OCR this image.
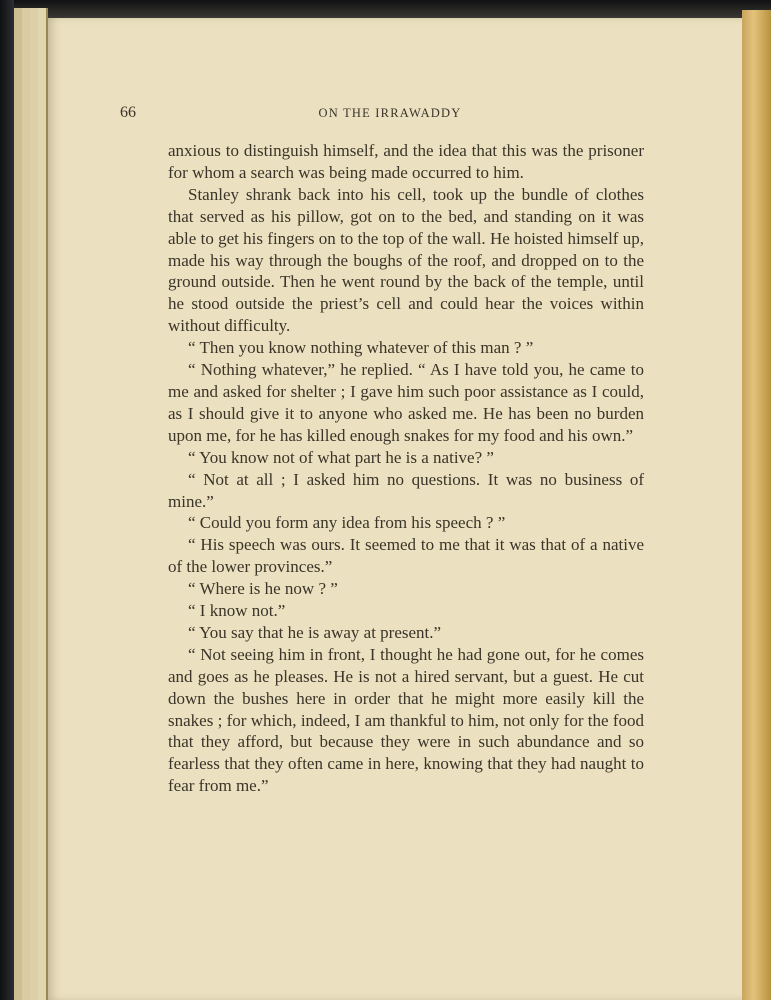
66	ON THE IRRAWADDY

anxious to distinguish himself, and the idea that this was the prisoner for whom a search was being made occurred to him.

Stanley shrank back into his cell, took up the bundle of clothes that served as his pillow, got on to the bed, and standing on it was able to get his fingers on to the top of the wall. He hoisted himself up, made his way through the boughs of the roof, and dropped on to the ground outside. Then he went round by the back of the temple, until he stood outside the priest’s cell and could hear the voices within without difficulty.

“ Then you know nothing whatever of this man ? ”

“ Nothing whatever,” he replied. “ As I have told you, he came to me and asked for shelter ; I gave him such poor assistance as I could, as I should give it to anyone who asked me. He has been no burden upon me, for he has killed enough snakes for my food and his own.”

“ You know not of what part he is a native? ”

“ Not at all ; I asked him no questions. It was no business of mine.”

“ Could you form any idea from his speech ? ”

“ His speech was ours. It seemed to me that it was that of a native of the lower provinces.”

“ Where is he now ? ”

“ I know not.”

“ You say that he is away at present.”

“ Not seeing him in front, I thought he had gone out, for he comes and goes as he pleases. He is not a hired servant, but a guest. He cut down the bushes here in order that he might more easily kill the snakes ; for which, indeed, I am thankful to him, not only for the food that they afford, but because they were in such abundance and so fearless that they often came in here, knowing that they had naught to fear from me.”
